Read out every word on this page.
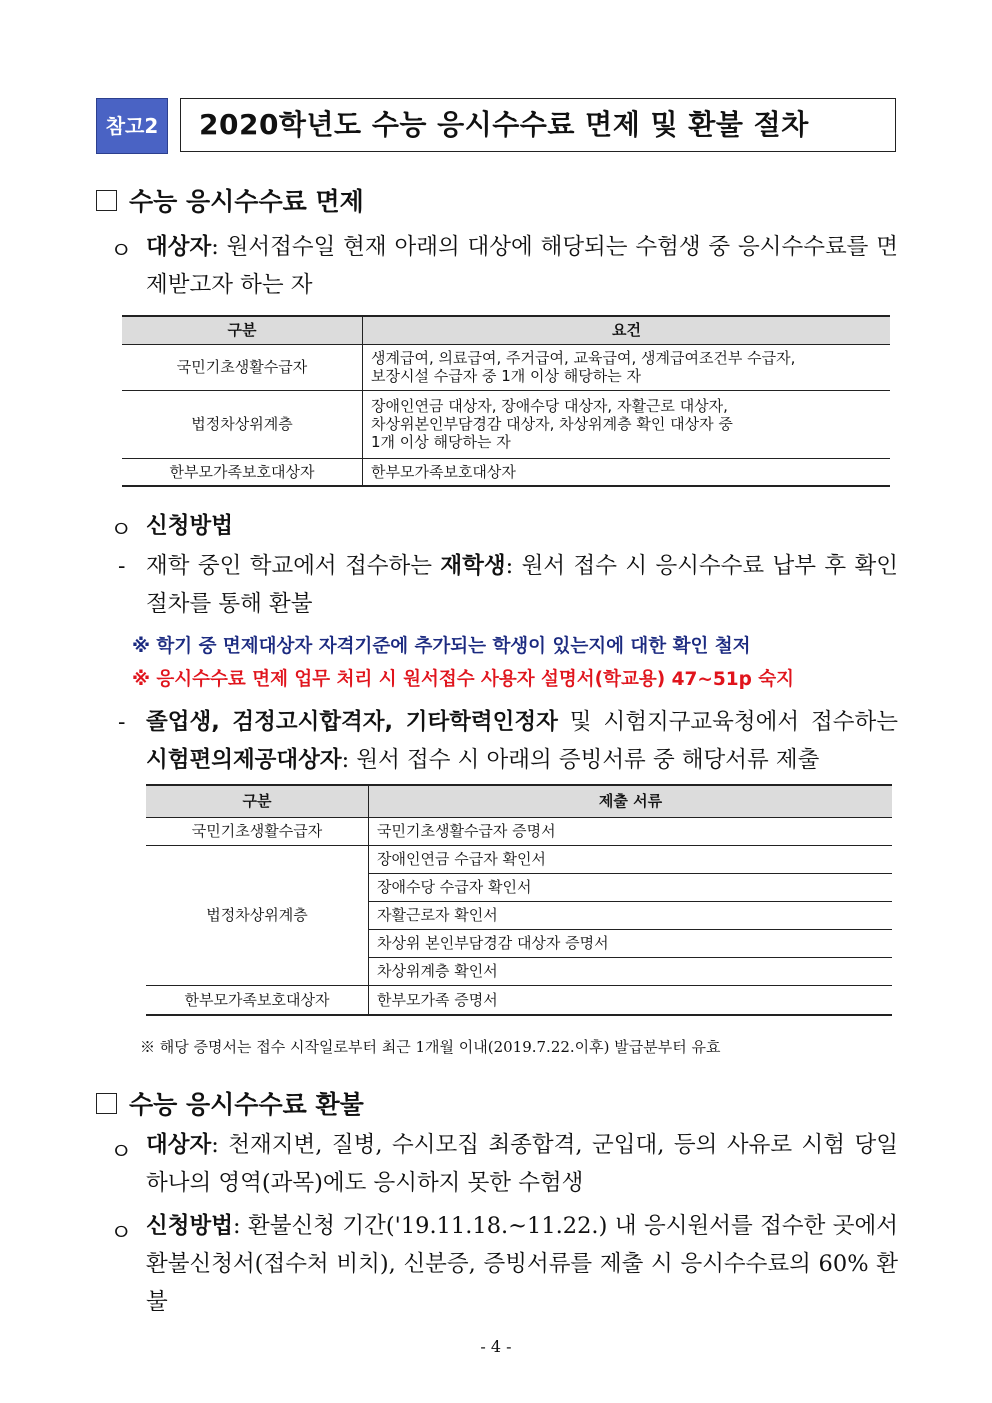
참고2	2020학년도 수능 응시수수료 면제 및 환불 절차
수능 응시수수료 면제
ㅇ 대상자: 원서접수일 현재 아래의 대상에 해당되는 수험생 중 응시수수료를 면제받고자 하는 자
구분	요건
국민기초생활수급자	생계급여, 의료급여, 주거급여, 교육급여, 생계급여조건부 수급자,
보장시설 수급자 중 1개 이상 해당하는 자

법정차상위계층	장애인연금 대상자, 장애수당 대상자, 자활근로 대상자,
차상위본인부담경감 대상자, 차상위계층 확인 대상자 중
1개 이상 해당하는 자

한부모가족보호대상자	한부모가족보호대상자
ㅇ 신청방법
- 재학 중인 학교에서 접수하는 재학생: 원서 접수 시 응시수수료 납부 후 확인 절차를 통해 환불
※ 학기 중 면제대상자 자격기준에 추가되는 학생이 있는지에 대한 확인 철저
※ 응시수수료 면제 업무 처리 시 원서접수 사용자 설명서(학교용) 47~51p 숙지
- 졸업생, 검정고시합격자, 기타학력인정자 및 시험지구교육청에서 접수하는 시험편의제공대상자: 원서 접수 시 아래의 증빙서류 중 해당서류 제출
구분	제출 서류
국민기초생활수급자	국민기초생활수급자 증명서
법정차상위계층	장애인연금 수급자 확인서
	장애수당 수급자 확인서
	자활근로자 확인서
	차상위 본인부담경감 대상자 증명서
	차상위계층 확인서
한부모가족보호대상자	한부모가족 증명서
※ 해당 증명서는 접수 시작일로부터 최근 1개월 이내(2019.7.22.이후) 발급분부터 유효
수능 응시수수료 환불
ㅇ 대상자: 천재지변, 질병, 수시모집 최종합격, 군입대, 등의 사유로 시험 당일 하나의 영역(과목)에도 응시하지 못한 수험생
ㅇ 신청방법: 환불신청 기간('19.11.18.~11.22.) 내 응시원서를 접수한 곳에서 환불신청서(접수처 비치), 신분증, 증빙서류를 제출 시 응시수수료의 60% 환불
- 4 -
